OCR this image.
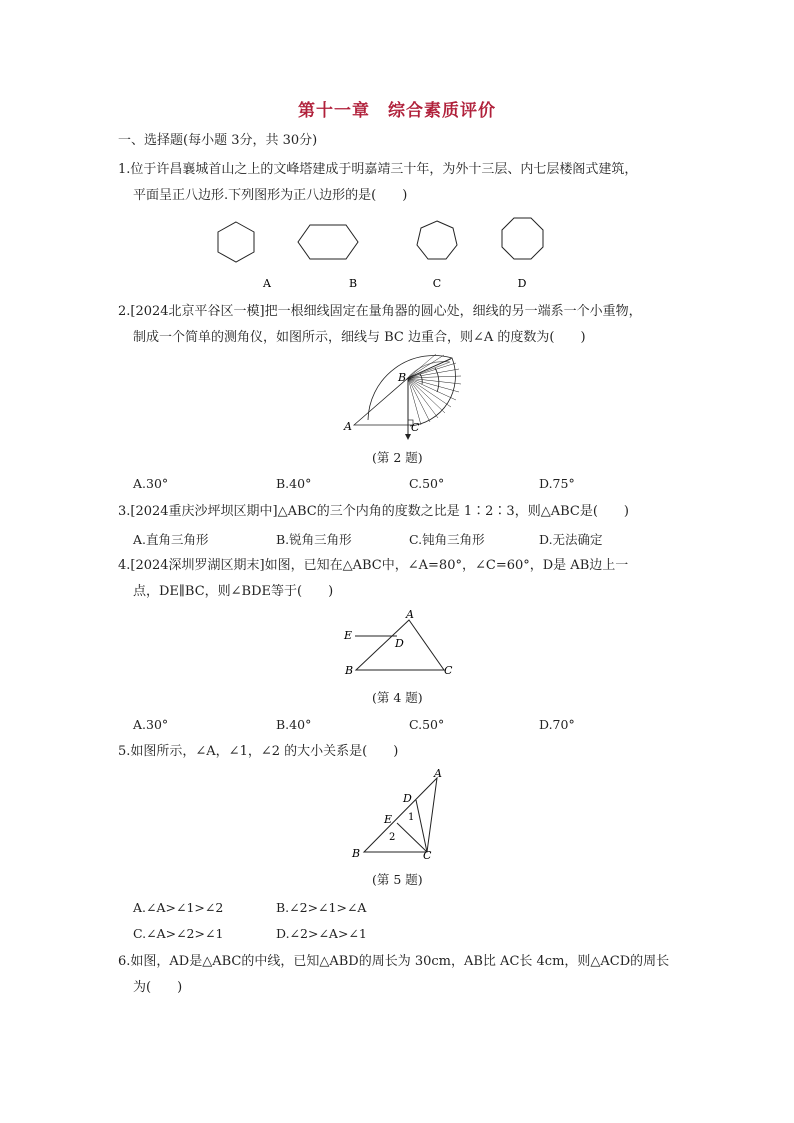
第十一章　综合素质评价
一、选择题(每小题 3分，共 30分)
1.位于许昌襄城首山之上的文峰塔建成于明嘉靖三十年，为外十三层、内七层楼阁式建筑，
平面呈正八边形.下列图形为正八边形的是(　　)
A	B	C	D
2.[2024北京平谷区一模]把一根细线固定在量角器的圆心处，细线的另一端系一个小重物，
制成一个简单的测角仪，如图所示，细线与 BC 边重合，则∠A 的度数为(　　)
B
A	C
(第 2 题)
A.30°	B.40°	C.50°	D.75°
3.[2024重庆沙坪坝区期中]△ABC的三个内角的度数之比是 1∶2∶3，则△ABC是(　　)
A.直角三角形	B.锐角三角形	C.钝角三角形	D.无法确定
4.[2024深圳罗湖区期末]如图，已知在△ABC中，∠A=80°，∠C=60°，D是 AB边上一
点，DE∥BC，则∠BDE等于(　　)
A
E
D
B	C
(第 4 题)
A.30°	B.40°	C.50°	D.70°
5.如图所示，∠A，∠1，∠2 的大小关系是(　　)
A
D
1
E
2
B	C
(第 5 题)
A.∠A>∠1>∠2	B.∠2>∠1>∠A
C.∠A>∠2>∠1	D.∠2>∠A>∠1
6.如图，AD是△ABC的中线，已知△ABD的周长为 30cm，AB比 AC长 4cm，则△ACD的周长
为(　　)
